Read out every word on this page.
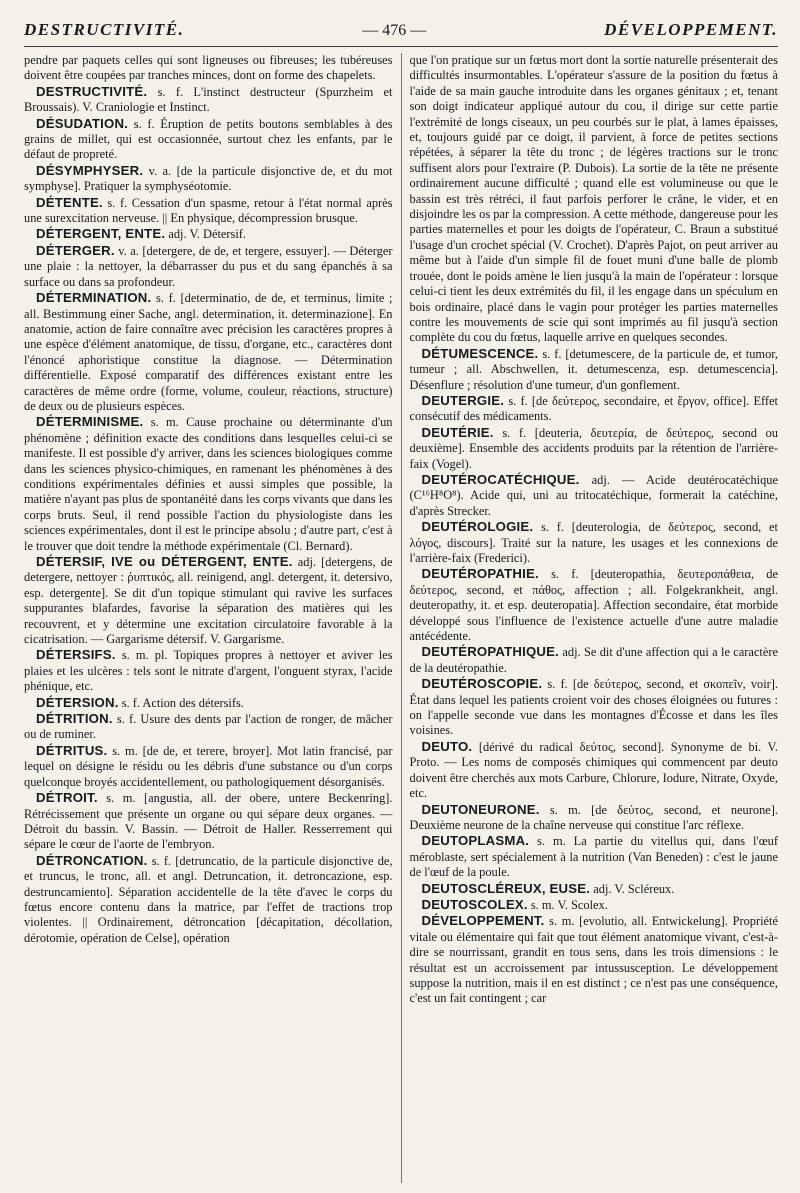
DESTRUCTIVITÉ.	— 476 —	DÉVELOPPEMENT.

pendre par paquets celles qui sont ligneuses ou fibreuses; les tubéreuses doivent être coupées par tranches minces, dont on forme des chapelets.

DESTRUCTIVITÉ. s. f. L'instinct destructeur (Spurzheim et Broussais). V. Craniologie et Instinct.

DÉSUDATION. s. f. Éruption de petits boutons semblables à des grains de millet, qui est occasionnée, surtout chez les enfants, par le défaut de propreté.

DÉSYMPHYSER. v. a. [de la particule disjonctive de, et du mot symphyse]. Pratiquer la symphyséotomie.

DÉTENTE. s. f. Cessation d'un spasme, retour à l'état normal après une surexcitation nerveuse. || En physique, décompression brusque.

DÉTERGENT, ENTE. adj. V. Détersif.

DÉTERGER. v. a. [detergere, de de, et tergere, essuyer]. — Déterger une plaie : la nettoyer, la débarrasser du pus et du sang épanchés à sa surface ou dans sa profondeur.

DÉTERMINATION. s. f. [determinatio, de de, et terminus, limite ; all. Bestimmung einer Sache, angl. determination, it. determinazione]. En anatomie, action de faire connaître avec précision les caractères propres à une espèce d'élément anatomique, de tissu, d'organe, etc., caractères dont l'énoncé aphoristique constitue la diagnose. — Détermination différentielle. Exposé comparatif des différences existant entre les caractères de même ordre (forme, volume, couleur, réactions, structure) de deux ou de plusieurs espèces.

DÉTERMINISME. s. m. Cause prochaine ou déterminante d'un phénomène ; définition exacte des conditions dans lesquelles celui-ci se manifeste. Il est possible d'y arriver, dans les sciences biologiques comme dans les sciences physico-chimiques, en ramenant les phénomènes à des conditions expérimentales définies et aussi simples que possible, la matière n'ayant pas plus de spontanéité dans les corps vivants que dans les corps bruts. Seul, il rend possible l'action du physiologiste dans les sciences expérimentales, dont il est le principe absolu ; d'autre part, c'est à le trouver que doit tendre la méthode expérimentale (Cl. Bernard).

DÉTERSIF, IVE ou DÉTERGENT, ENTE. adj. [detergens, de detergere, nettoyer : ῥυπτικός, all. reinigend, angl. detergent, it. detersivo, esp. detergente]. Se dit d'un topique stimulant qui ravive les surfaces suppurantes blafardes, favorise la séparation des matières qui les recouvrent, et y détermine une excitation circulatoire favorable à la cicatrisation. — Gargarisme détersif. V. Gargarisme.

DÉTERSIFS. s. m. pl. Topiques propres à nettoyer et aviver les plaies et les ulcères : tels sont le nitrate d'argent, l'onguent styrax, l'acide phénique, etc.

DÉTERSION. s. f. Action des détersifs.

DÉTRITION. s. f. Usure des dents par l'action de ronger, de mâcher ou de ruminer.

DÉTRITUS. s. m. [de de, et terere, broyer]. Mot latin francisé, par lequel on désigne le résidu ou les débris d'une substance ou d'un corps quelconque broyés accidentellement, ou pathologiquement désorganisés.

DÉTROIT. s. m. [angustia, all. der obere, untere Beckenring]. Rétrécissement que présente un organe ou qui sépare deux organes. — Détroit du bassin. V. Bassin. — Détroit de Haller. Resserrement qui sépare le cœur de l'aorte de l'embryon.

DÉTRONCATION. s. f. [detruncatio, de la particule disjonctive de, et truncus, le tronc, all. et angl. Detruncation, it. detroncazione, esp. destruncamiento]. Séparation accidentelle de la tête d'avec le corps du fœtus encore contenu dans la matrice, par l'effet de tractions trop violentes. || Ordinairement, détroncation [décapitation, décollation, dérotomie, opération de Celse], opération

que l'on pratique sur un fœtus mort dont la sortie naturelle présenterait des difficultés insurmontables. L'opérateur s'assure de la position du fœtus à l'aide de sa main gauche introduite dans les organes génitaux ; et, tenant son doigt indicateur appliqué autour du cou, il dirige sur cette partie l'extrémité de longs ciseaux, un peu courbés sur le plat, à lames épaisses, et, toujours guidé par ce doigt, il parvient, à force de petites sections répétées, à séparer la tête du tronc ; de légères tractions sur le tronc suffisent alors pour l'extraire (P. Dubois). La sortie de la tête ne présente ordinairement aucune difficulté ; quand elle est volumineuse ou que le bassin est très rétréci, il faut parfois perforer le crâne, le vider, et en disjoindre les os par la compression. A cette méthode, dangereuse pour les parties maternelles et pour les doigts de l'opérateur, C. Braun a substitué l'usage d'un crochet spécial (V. Crochet). D'après Pajot, on peut arriver au même but à l'aide d'un simple fil de fouet muni d'une balle de plomb trouée, dont le poids amène le lien jusqu'à la main de l'opérateur : lorsque celui-ci tient les deux extrémités du fil, il les engage dans un spéculum en bois ordinaire, placé dans le vagin pour protéger les parties maternelles contre les mouvements de scie qui sont imprimés au fil jusqu'à section complète du cou du fœtus, laquelle arrive en quelques secondes.

DÉTUMESCENCE. s. f. [detumescere, de la particule de, et tumor, tumeur ; all. Abschwellen, it. detumescenza, esp. detumescencia]. Désenflure ; résolution d'une tumeur, d'un gonflement.

DEUTERGIE. s. f. [de δεύτερος, secondaire, et ἔργον, office]. Effet consécutif des médicaments.

DEUTÉRIE. s. f. [deuteria, δευτερία, de δεύτερος, second ou deuxième]. Ensemble des accidents produits par la rétention de l'arrière-faix (Vogel).

DEUTÉROCATÉCHIQUE. adj. — Acide deutérocatéchique (C¹⁶H⁸O⁸). Acide qui, uni au tritocatéchique, formerait la catéchine, d'après Strecker.

DEUTÉROLOGIE. s. f. [deuterologia, de δεύτερος, second, et λόγος, discours]. Traité sur la nature, les usages et les connexions de l'arrière-faix (Frederici).

DEUTÉROPATHIE. s. f. [deuteropathia, δευτεροπάθεια, de δεύτερος, second, et πάθος, affection ; all. Folgekrankheit, angl. deuteropathy, it. et esp. deuteropatia]. Affection secondaire, état morbide développé sous l'influence de l'existence actuelle d'une autre maladie antécédente.

DEUTÉROPATHIQUE. adj. Se dit d'une affection qui a le caractère de la deutéropathie.

DEUTÉROSCOPIE. s. f. [de δεύτερος, second, et σκοπεῖν, voir]. État dans lequel les patients croient voir des choses éloignées ou futures : on l'appelle seconde vue dans les montagnes d'Écosse et dans les îles voisines.

DEUTO. [dérivé du radical δεύτος, second]. Synonyme de bi. V. Proto. — Les noms de composés chimiques qui commencent par deuto doivent être cherchés aux mots Carbure, Chlorure, Iodure, Nitrate, Oxyde, etc.

DEUTONEURONE. s. m. [de δεύτος, second, et neurone]. Deuxième neurone de la chaîne nerveuse qui constitue l'arc réflexe.

DEUTOPLASMA. s. m. La partie du vitellus qui, dans l'œuf méroblaste, sert spécialement à la nutrition (Van Beneden) : c'est le jaune de l'œuf de la poule.

DEUTOSCLÉREUX, EUSE. adj. V. Scléreux.

DEUTOSCOLEX. s. m. V. Scolex.

DÉVELOPPEMENT. s. m. [evolutio, all. Entwickelung]. Propriété vitale ou élémentaire qui fait que tout élément anatomique vivant, c'est-à-dire se nourrissant, grandit en tous sens, dans les trois dimensions : le résultat est un accroissement par intussusception. Le développement suppose la nutrition, mais il en est distinct ; ce n'est pas une conséquence, c'est un fait contingent ; car
